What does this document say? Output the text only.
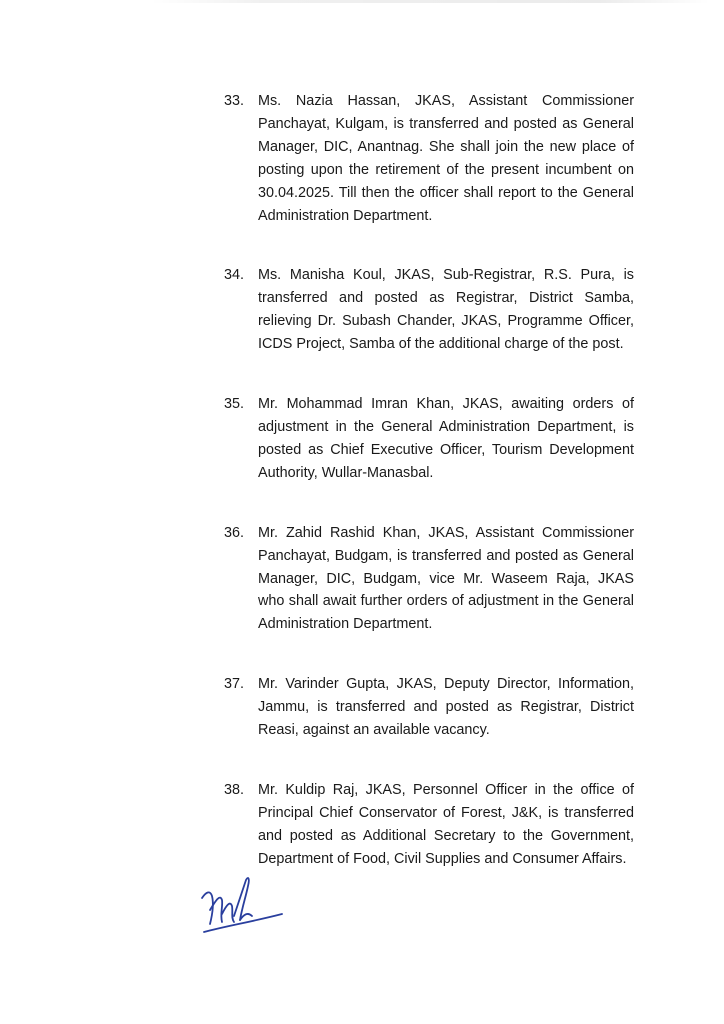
33. Ms. Nazia Hassan, JKAS, Assistant Commissioner Panchayat, Kulgam, is transferred and posted as General Manager, DIC, Anantnag. She shall join the new place of posting upon the retirement of the present incumbent on 30.04.2025. Till then the officer shall report to the General Administration Department.
34. Ms. Manisha Koul, JKAS, Sub-Registrar, R.S. Pura, is transferred and posted as Registrar, District Samba, relieving Dr. Subash Chander, JKAS, Programme Officer, ICDS Project, Samba of the additional charge of the post.
35. Mr. Mohammad Imran Khan, JKAS, awaiting orders of adjustment in the General Administration Department, is posted as Chief Executive Officer, Tourism Development Authority, Wullar-Manasbal.
36. Mr. Zahid Rashid Khan, JKAS, Assistant Commissioner Panchayat, Budgam, is transferred and posted as General Manager, DIC, Budgam, vice Mr. Waseem Raja, JKAS who shall await further orders of adjustment in the General Administration Department.
37. Mr. Varinder Gupta, JKAS, Deputy Director, Information, Jammu, is transferred and posted as Registrar, District Reasi, against an available vacancy.
38. Mr. Kuldip Raj, JKAS, Personnel Officer in the office of Principal Chief Conservator of Forest, J&K, is transferred and posted as Additional Secretary to the Government, Department of Food, Civil Supplies and Consumer Affairs.
